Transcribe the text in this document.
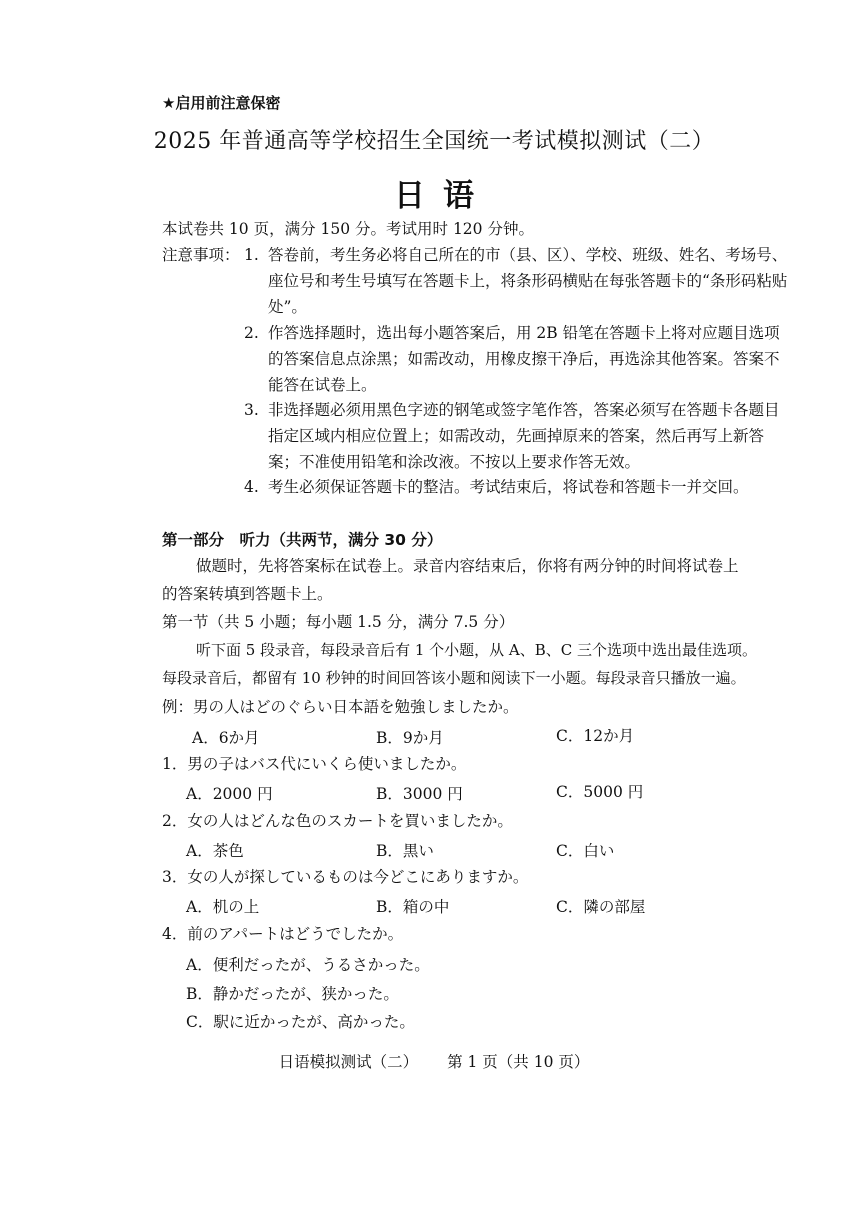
★启用前注意保密
2025 年普通高等学校招生全国统一考试模拟测试（二）
日语
本试卷共 10 页，满分 150 分。考试用时 120 分钟。
注意事项： 1. 答卷前，考生务必将自己所在的市（县、区）、学校、班级、姓名、考场号、座位号和考生号填写在答题卡上，将条形码横贴在每张答题卡的“条形码粘贴处”。
2. 作答选择题时，选出每小题答案后，用 2B 铅笔在答题卡上将对应题目选项的答案信息点涂黑；如需改动，用橡皮擦干净后，再选涂其他答案。答案不能答在试卷上。
3. 非选择题必须用黑色字迹的钢笔或签字笔作答，答案必须写在答题卡各题目指定区域内相应位置上；如需改动，先画掉原来的答案，然后再写上新答案；不准使用铅笔和涂改液。不按以上要求作答无效。
4. 考生必须保证答题卡的整洁。考试结束后，将试卷和答题卡一并交回。
第一部分　听力（共两节，满分 30 分）
做题时，先将答案标在试卷上。录音内容结束后，你将有两分钟的时间将试卷上
的答案转填到答题卡上。
第一节（共 5 小题；每小题 1.5 分，满分 7.5 分）
听下面 5 段录音，每段录音后有 1 个小题，从 A、B、C 三个选项中选出最佳选项。
每段录音后，都留有 10 秒钟的时间回答该小题和阅读下一小题。每段录音只播放一遍。
例：男の人はどのぐらい日本語を勉強しましたか。
A．6か月	B．9か月	C．12か月
1．男の子はバス代にいくら使いましたか。
A．2000 円	B．3000 円	C．5000 円
2．女の人はどんな色のスカートを買いましたか。
A．茶色	B．黒い	C．白い
3．女の人が探しているものは今どこにありますか。
A．机の上	B．箱の中	C．隣の部屋
4．前のアパートはどうでしたか。
A．便利だったが、うるさかった。
B．静かだったが、狭かった。
C．駅に近かったが、高かった。
日语模拟测试（二） 第 1 页（共 10 页）
